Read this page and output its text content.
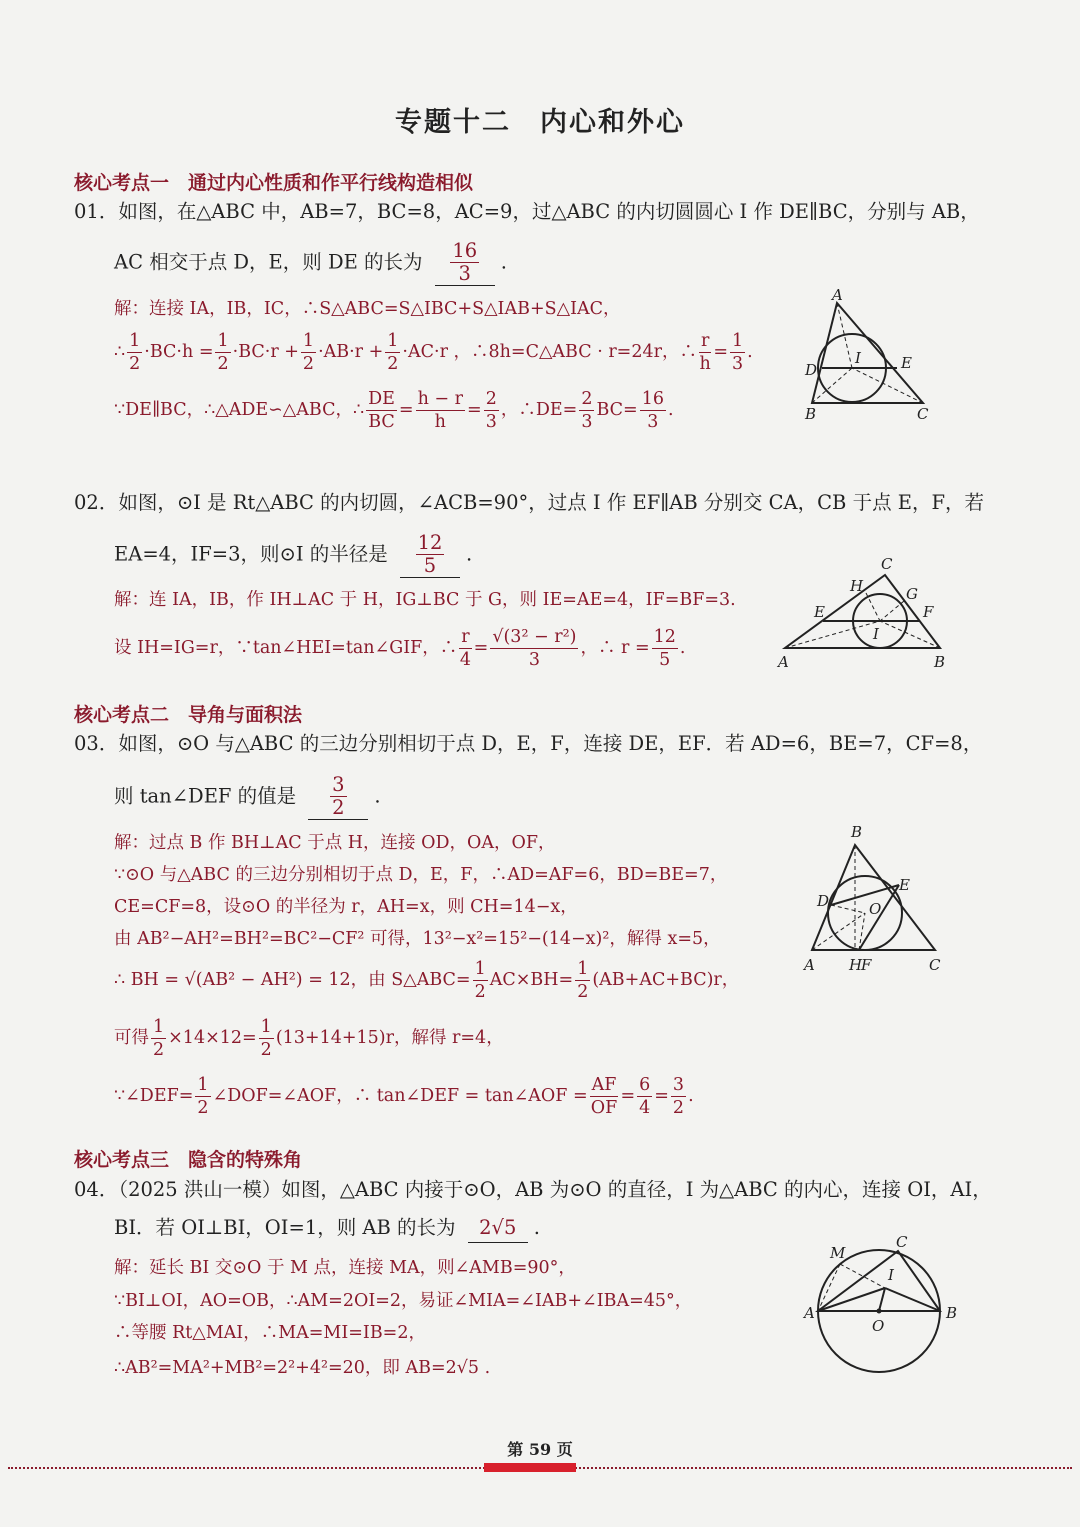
专题十二　内心和外心
核心考点一　通过内心性质和作平行线构造相似
01．如图，在△ABC 中，AB=7，BC=8，AC=9，过△ABC 的内切圆圆心 I 作 DE∥BC，分别与 AB，
AC 相交于点 D，E，则 DE 的长为 $\frac{16}{3}$ .
解：连接 IA，IB，IC，∴S△ABC=S△IBC+S△IAB+S△IAC，
∴ $\frac{1}{2} \cdot BC\cdot h = \frac{1}{2} \cdot BC\cdot r + \frac{1}{2} \cdot AB\cdot r + \frac{1}{2} \cdot AC\cdot r$ ，∴8h=C△ABC · r=24r，∴ $\frac{r}{h} = \frac{1}{3}$ .
∵DE∥BC，∴△ADE∽△ABC，∴ $\frac{DE}{BC} = \frac{h - r}{h} = \frac{2}{3}$ ，∴DE= $\frac{2}{3} BC= \frac{16}{3}$ .
A
B	C
D	E
I
02．如图，⊙I 是 Rt△ABC 的内切圆，∠ACB=90°，过点 I 作 EF∥AB 分别交 CA，CB 于点 E，F，若
EA=4，IF=3，则⊙I 的半径是 $\frac{12}{5}$ .
解：连 IA，IB，作 IH⊥AC 于 H，IG⊥BC 于 G，则 IE=AE=4，IF=BF=3.
设 IH=IG=r，∵tan∠HEI=tan∠GIF，∴ $\frac{r}{4} = \frac{\text{√(3² − r²)}}{3}$ ，∴ $r = \frac{12}{5}$ .
A	B
C
E	F
G
H
I
核心考点二　导角与面积法
03．如图，⊙O 与△ABC 的三边分别相切于点 D，E，F，连接 DE，EF．若 AD=6，BE=7，CF=8，
则 tan∠DEF 的值是 $\frac{3}{2}$ .
解：过点 B 作 BH⊥AC 于点 H，连接 OD，OA，OF，
∵⊙O 与△ABC 的三边分别相切于点 D，E，F，∴AD=AF=6，BD=BE=7，
CE=CF=8，设⊙O 的半径为 r，AH=x，则 CH=14−x，
由 AB²−AH²=BH²=BC²−CF² 可得，13²−x²=15²−(14−x)²，解得 x=5，
∴ BH = √(AB² − AH²) = 12，由 S△ABC= $\frac{1}{2} AC\times BH= \frac{1}{2} (AB+AC+BC)r$，
可得 $\frac{1}{2} \times 14\times 12= \frac{1}{2} (13+14+15)r$，解得 r=4，
∵∠DEF= $\frac{1}{2}$ ∠DOF=∠AOF，∴ tan∠DEF = tan∠AOF = $\frac{AF}{OF} = \frac{6}{4} = \frac{3}{2}$ .
B
A	C
D
E
H
F
O
核心考点三　隐含的特殊角
04．（2025 洪山一模）如图，△ABC 内接于⊙O，AB 为⊙O 的直径，I 为△ABC 的内心，连接 OI，AI，
BI．若 OI⊥BI，OI=1，则 AB 的长为 2√5 .
解：延长 BI 交⊙O 于 M 点，连接 MA，则∠AMB=90°，
∵BI⊥OI，AO=OB，∴AM=2OI=2，易证∠MIA=∠IAB+∠IBA=45°，
∴等腰 Rt△MAI，∴MA=MI=IB=2，
∴AB²=MA²+MB²=2²+4²=20，即 AB=2√5 .
A	B
C
I
M
O
第 59 页
